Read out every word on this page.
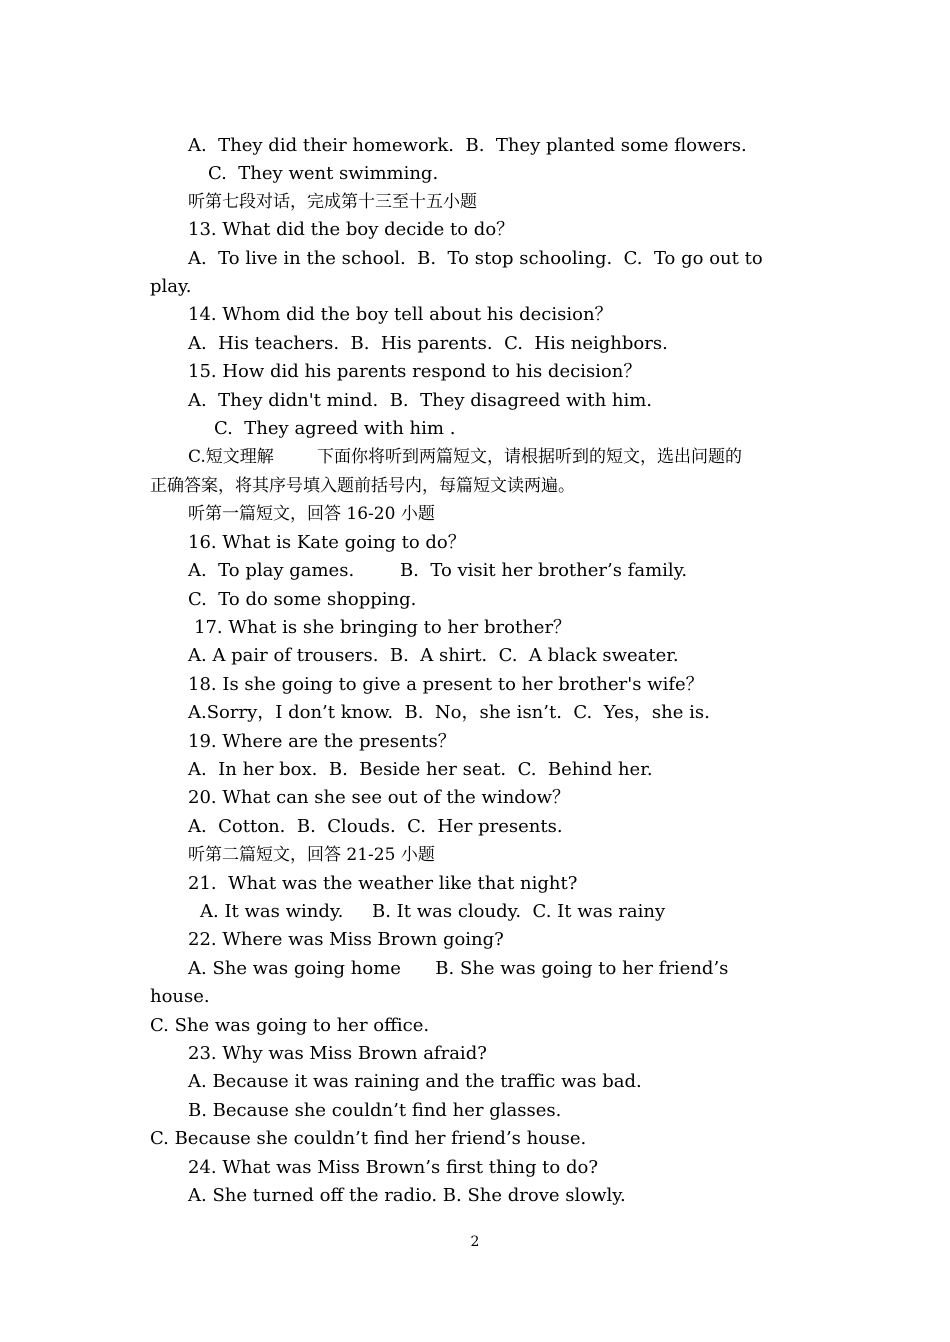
A.  They did their homework.  B.  They planted some flowers.
C.  They went swimming.
听第七段对话，完成第十三至十五小题
13. What did the boy decide to do？
A.  To live in the school.  B.  To stop schooling.  C.  To go out to
play.
14. Whom did the boy tell about his decision？
A.  His teachers.  B.  His parents.  C.  His neighbors.
15. How did his parents respond to his decision？
A.  They didn't mind.  B.  They disagreed with him.
C.  They agreed with him .
C.短文理解        下面你将听到两篇短文，请根据听到的短文，选出问题的
正确答案，将其序号填入题前括号内，每篇短文读两遍。
听第一篇短文，回答 16-20 小题
16. What is Kate going to do？
A.  To play games.        B.  To visit her brother’s family.
C.  To do some shopping.
17. What is she bringing to her brother？
A. A pair of trousers.  B.  A shirt.  C.  A black sweater.
18. Is she going to give a present to her brother's wife？
A.Sorry，I don’t know.  B.  No，she isn’t.  C.  Yes，she is.
19. Where are the presents？
A.  In her box.  B.  Beside her seat.  C.  Behind her.
20. What can she see out of the window？
A.  Cotton.  B.  Clouds.  C.  Her presents.
听第二篇短文，回答 21-25 小题
21.  What was the weather like that night?
A. It was windy.     B. It was cloudy.  C. It was rainy
22. Where was Miss Brown going?
A. She was going home      B. She was going to her friend’s
house.
C. She was going to her office.
23. Why was Miss Brown afraid?
A. Because it was raining and the traffic was bad.
B. Because she couldn’t find her glasses.
C. Because she couldn’t find her friend’s house.
24. What was Miss Brown’s first thing to do?
A. She turned off the radio. B. She drove slowly.
2
